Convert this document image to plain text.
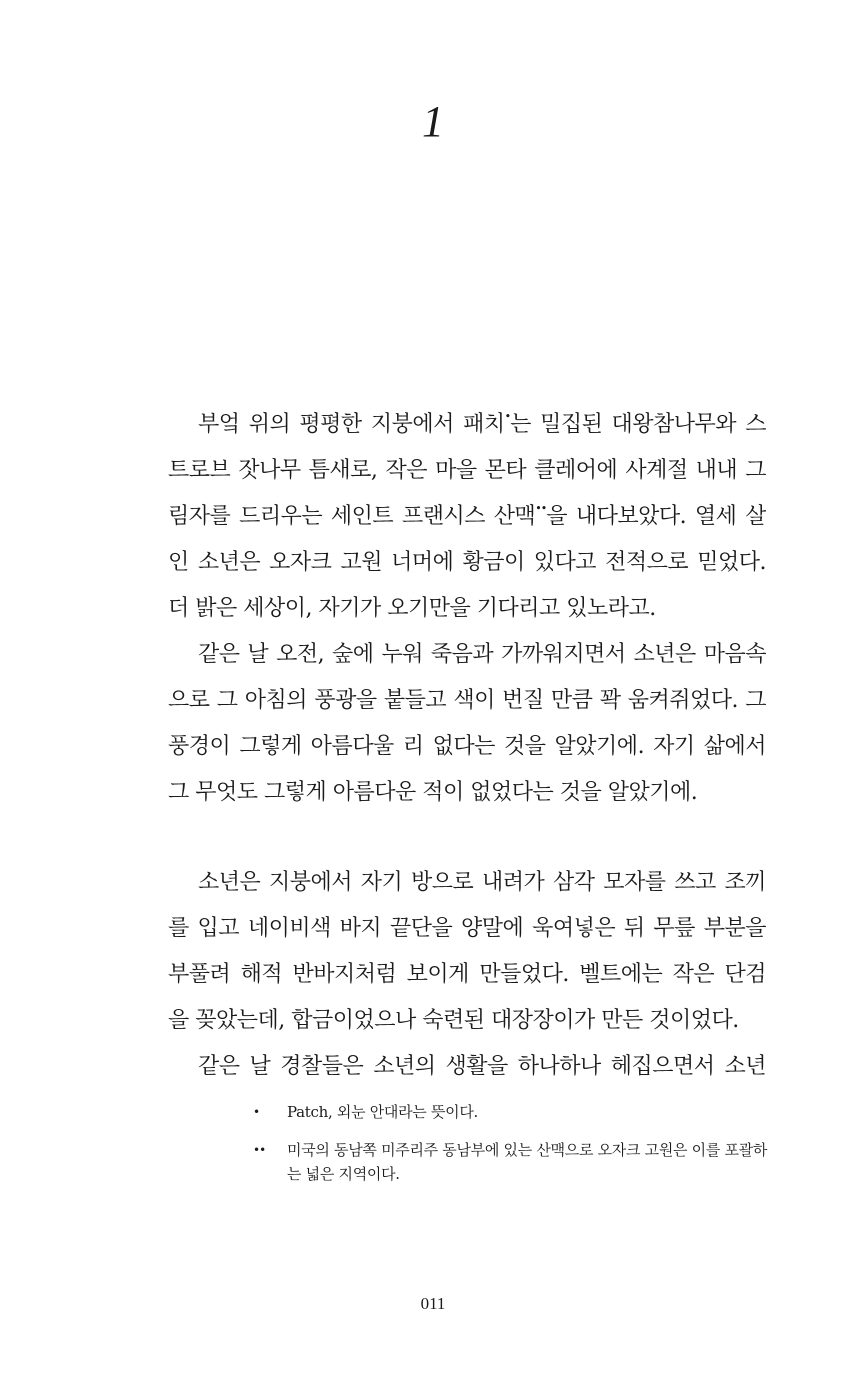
1
부엌 위의 평평한 지붕에서 패치•는 밀집된 대왕참나무와 스
트로브 잣나무 틈새로, 작은 마을 몬타 클레어에 사계절 내내 그
림자를 드리우는 세인트 프랜시스 산맥••을 내다보았다. 열세 살
인 소년은 오자크 고원 너머에 황금이 있다고 전적으로 믿었다.
더 밝은 세상이, 자기가 오기만을 기다리고 있노라고.
같은 날 오전, 숲에 누워 죽음과 가까워지면서 소년은 마음속
으로 그 아침의 풍광을 붙들고 색이 번질 만큼 꽉 움켜쥐었다. 그
풍경이 그렇게 아름다울 리 없다는 것을 알았기에. 자기 삶에서
그 무엇도 그렇게 아름다운 적이 없었다는 것을 알았기에.
소년은 지붕에서 자기 방으로 내려가 삼각 모자를 쓰고 조끼
를 입고 네이비색 바지 끝단을 양말에 욱여넣은 뒤 무릎 부분을
부풀려 해적 반바지처럼 보이게 만들었다. 벨트에는 작은 단검
을 꽂았는데, 합금이었으나 숙련된 대장장이가 만든 것이었다.
같은 날 경찰들은 소년의 생활을 하나하나 헤집으면서 소년
•	Patch, 외눈 안대라는 뜻이다.
••	미국의 동남쪽 미주리주 동남부에 있는 산맥으로 오자크 고원은 이를 포괄하는 넓은 지역이다.
011
